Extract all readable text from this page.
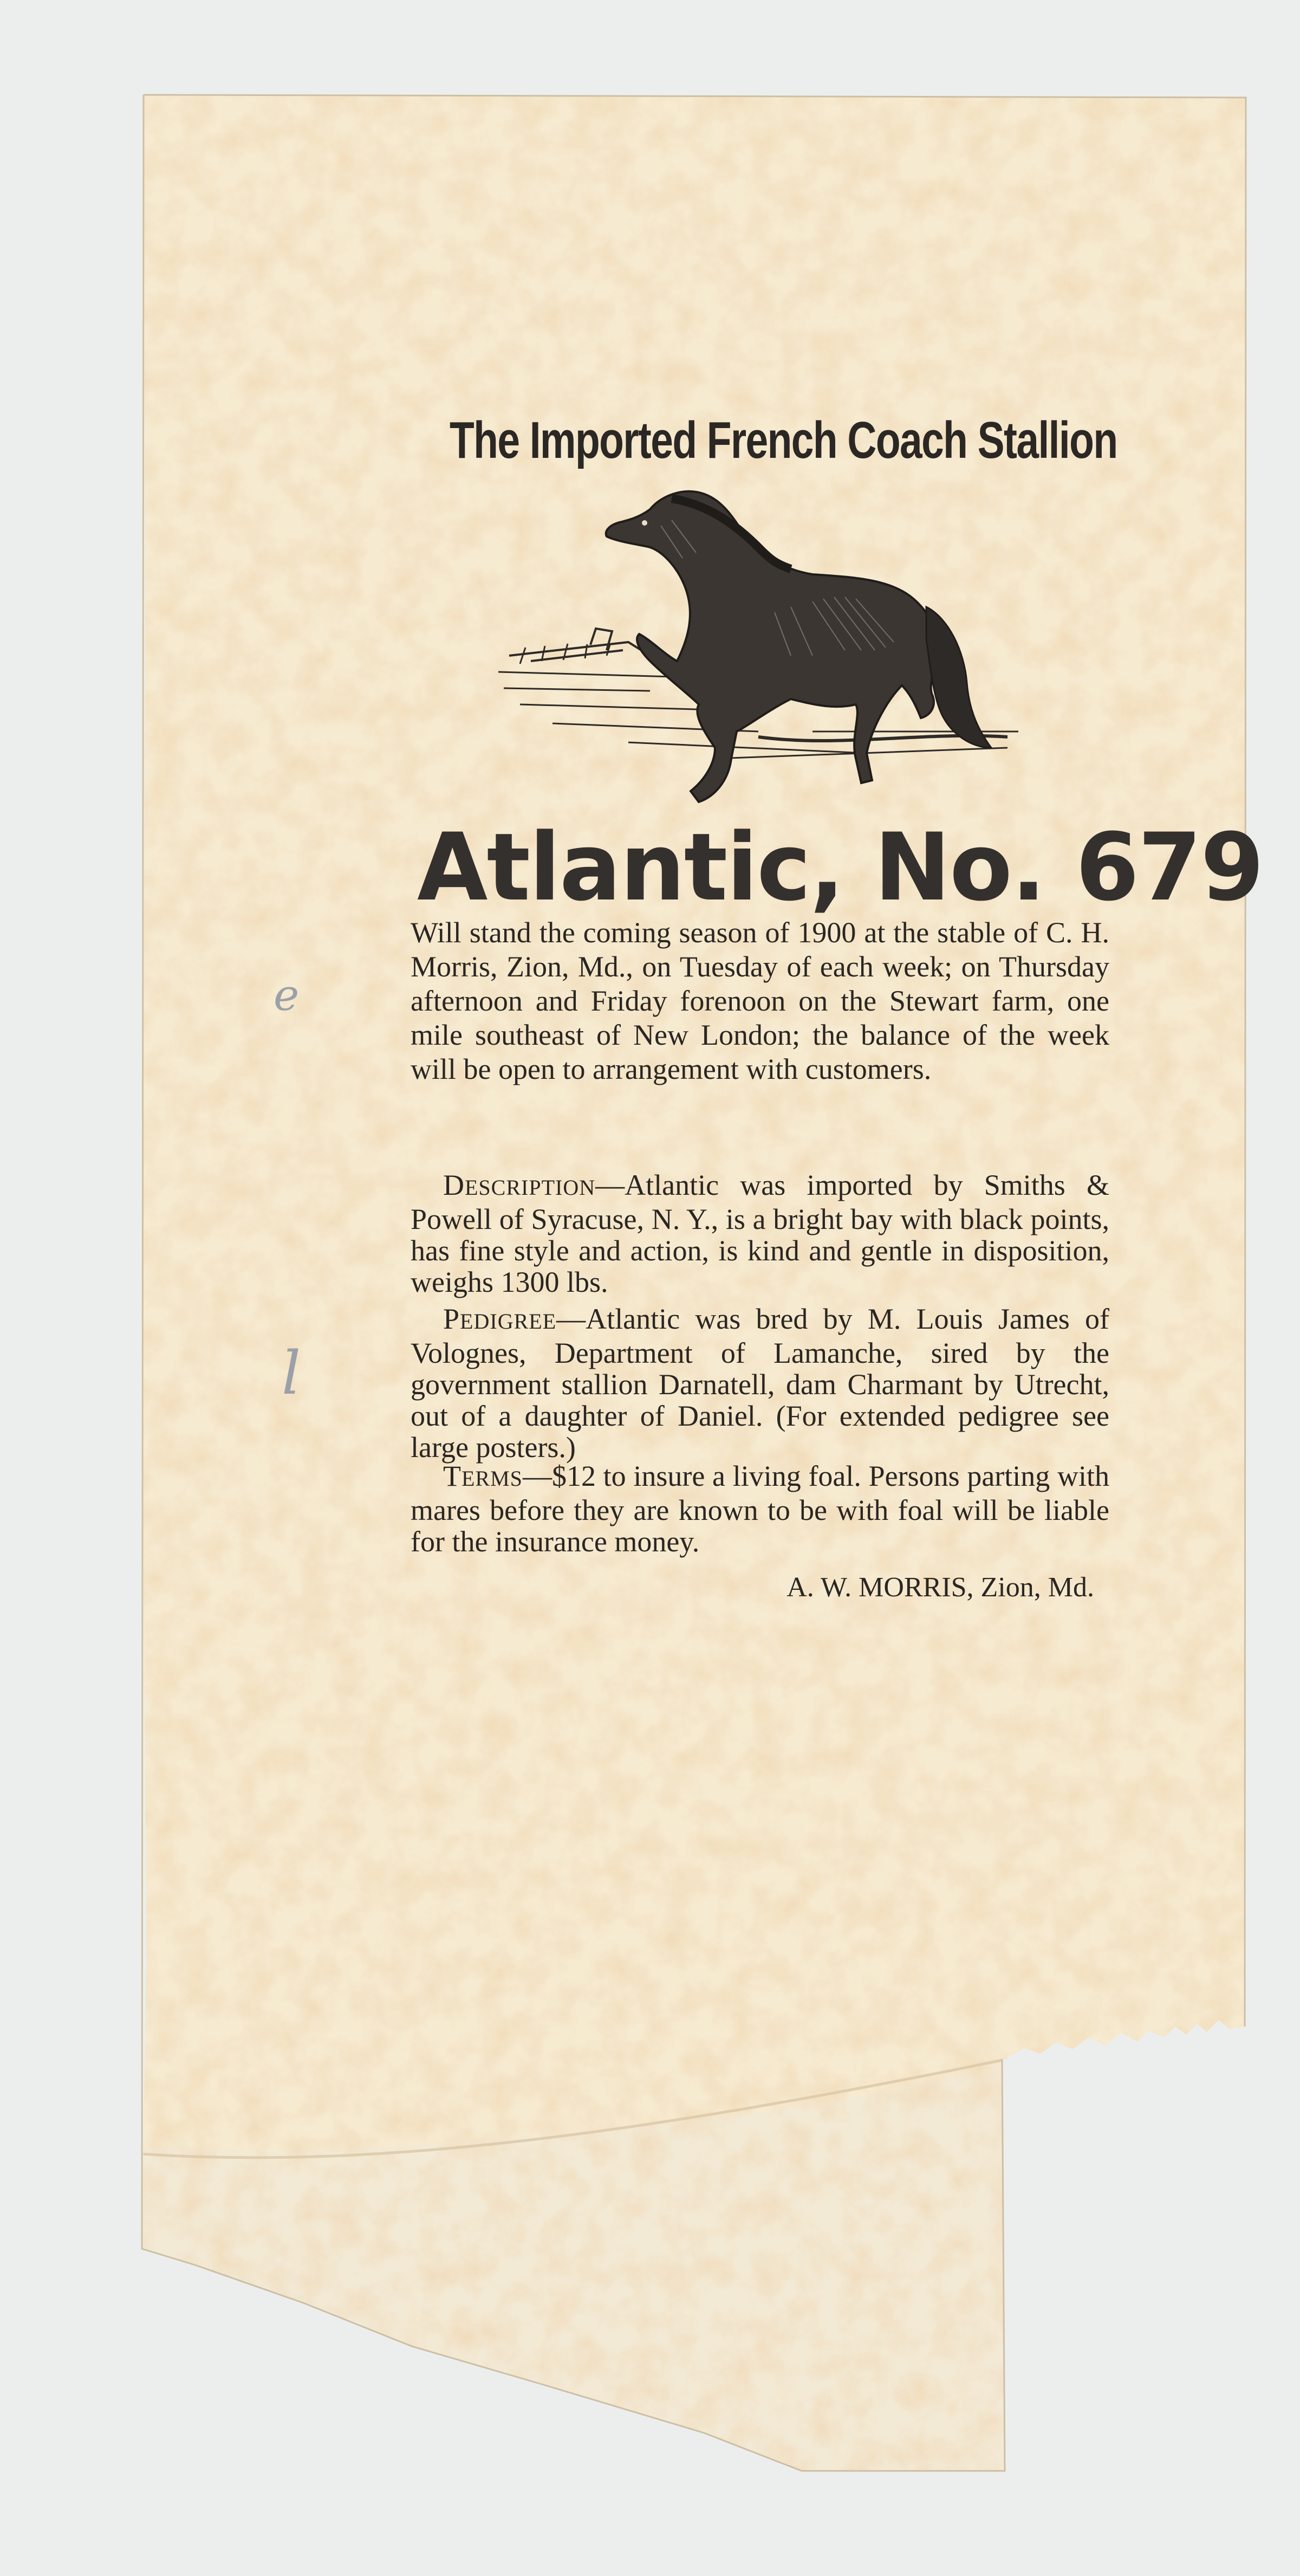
The Imported French Coach Stallion
Atlantic, No. 679
Will stand the coming season of 1900 at the stable of C. H. Morris, Zion, Md., on Tuesday of each week; on Thursday afternoon and Friday forenoon on the Stewart farm, one mile southeast of New London; the balance of the week will be open to arrangement with customers.
DESCRIPTION—Atlantic was imported by Smiths & Powell of Syracuse, N. Y., is a bright bay with black points, has fine style and action, is kind and gentle in disposition, weighs 1300 lbs.
PEDIGREE—Atlantic was bred by M. Louis James of Volognes, Department of Lamanche, sired by the government stallion Darnatell, dam Charmant by Utrecht, out of a daughter of Daniel. (For extended pedigree see large posters.)
TERMS—$12 to insure a living foal. Persons parting with mares before they are known to be with foal will be liable for the insurance money.
A. W. MORRIS, Zion, Md.
e
l
